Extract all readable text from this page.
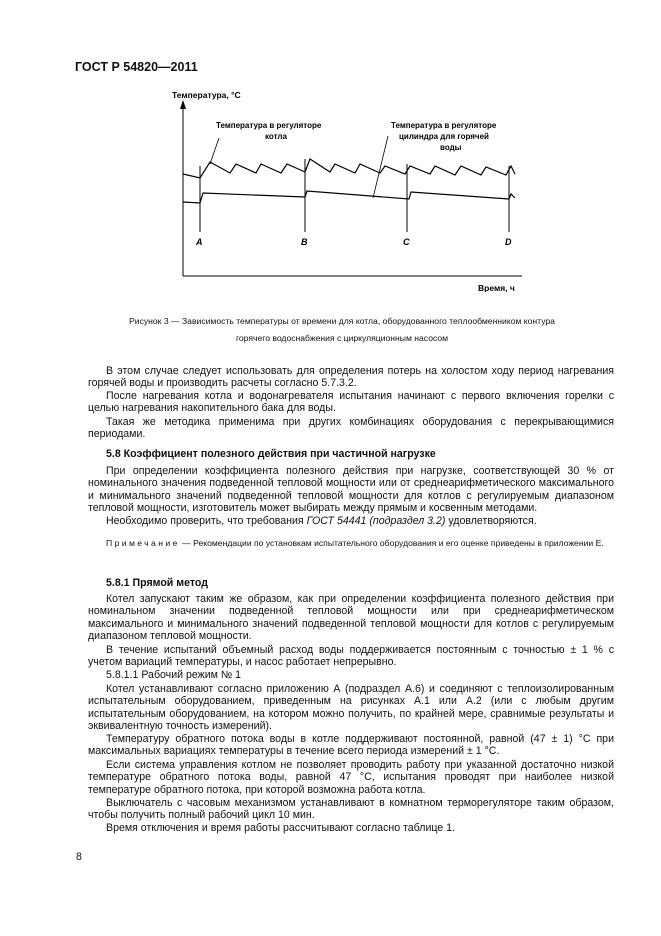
ГОСТ Р 54820—2011
Температура, °C
Время, ч
Температура в регуляторе
котла
Температура в регуляторе
цилиндра для горячей
воды
A	B	C	D
Рисунок 3 — Зависимость температуры от времени для котла, оборудованного теплообменником контура
горячего водоснабжения с циркуляционным насосом
В этом случае следует использовать для определения потерь на холостом ходу период нагревания горячей воды и производить расчеты согласно 5.7.3.2.
После нагревания котла и водонагревателя испытания начинают с первого включения горелки с целью нагревания накопительного бака для воды.
Такая же методика применима при других комбинациях оборудования с перекрывающимися периодами.
5.8 Коэффициент полезного действия при частичной нагрузке
При определении коэффициента полезного действия при нагрузке, соответствующей 30 % от номинального значения подведенной тепловой мощности или от среднеарифметического максимального и минимального значений подведенной тепловой мощности для котлов с регулируемым диапазоном тепловой мощности, изготовитель может выбирать между прямым и косвенным методами.
Необходимо проверить, что требования ГОСТ 54441 (подраздел 3.2) удовлетворяются.
Примечание — Рекомендации по установкам испытательного оборудования и его оценке приведены в приложении Е.
5.8.1 Прямой метод
Котел запускают таким же образом, как при определении коэффициента полезного действия при номинальном значении подведенной тепловой мощности или при среднеарифметическом максимального и минимального значений подведенной тепловой мощности для котлов с регулируемым диапазоном тепловой мощности.
В течение испытаний объемный расход воды поддерживается постоянным с точностью ± 1 % с учетом вариаций температуры, и насос работает непрерывно.
5.8.1.1 Рабочий режим № 1
Котел устанавливают согласно приложению А (подраздел А.6) и соединяют с теплоизолированным испытательным оборудованием, приведенным на рисунках А.1 или А.2 (или с любым другим испытательным оборудованием, на котором можно получить, по крайней мере, сравнимые результаты и эквивалентную точность измерений).
Температуру обратного потока воды в котле поддерживают постоянной, равной (47 ± 1) °С при максимальных вариациях температуры в течение всего периода измерений ± 1 °С.
Если система управления котлом не позволяет проводить работу при указанной достаточно низкой температуре обратного потока воды, равной 47 °С, испытания проводят при наиболее низкой температуре обратного потока, при которой возможна работа котла.
Выключатель с часовым механизмом устанавливают в комнатном терморегуляторе таким образом, чтобы получить полный рабочий цикл 10 мин.
Время отключения и время работы рассчитывают согласно таблице 1.
8
